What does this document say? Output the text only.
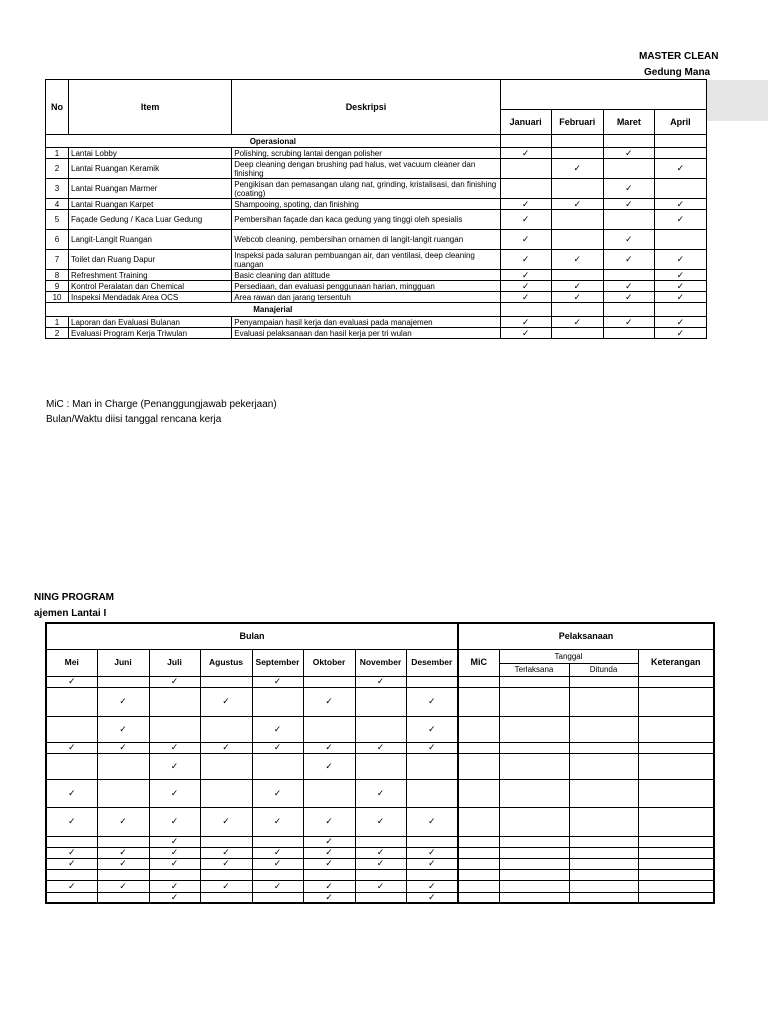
MASTER CLEAN
Gedung Mana
No	Item	Deskripsi				
			Januari	Februari	Maret	April
Operasional						
1	Lantai Lobby	Polishing, scrubing lantai dengan polisher	✓		✓	
2	Lantai Ruangan Keramik	Deep cleaning dengan brushing pad halus, wet vacuum cleaner dan finishing		✓		✓
3	Lantai Ruangan Marmer	Pengikisan dan pemasangan ulang nat, grinding, kristalisasi, dan finishing (coating)			✓	
4	Lantai Ruangan Karpet	Shampooing, spoting, dan finishing	✓	✓	✓	✓
5	Façade Gedung / Kaca Luar Gedung	Pembersihan façade dan kaca gedung yang tinggi oleh spesialis	✓			✓
6	Langit-Langit Ruangan	Webcob cleaning, pembersihan ornamen di langit-langit ruangan	✓		✓	
7	Toilet dan Ruang Dapur	Inspeksi pada saluran pembuangan air, dan ventilasi, deep cleaning ruangan	✓	✓	✓	✓
8	Refreshment Training	Basic cleaning dan atittude	✓			✓
9	Kontrol Peralatan dan Chemical	Persediaan, dan evaluasi penggunaan harian, mingguan	✓	✓	✓	✓
10	Inspeksi Mendadak Area OCS	Area rawan dan jarang tersentuh	✓	✓	✓	✓
Manajerial						
1	Laporan dan Evaluasi Bulanan	Penyampaian hasil kerja dan evaluasi pada manajemen	✓	✓	✓	✓
2	Evaluasi Program Kerja Triwulan	Evaluasi pelaksanaan dan hasil kerja per tri wulan	✓			✓
MiC : Man in Charge (Penanggungjawab pekerjaan)
Bulan/Waktu diisi tanggal rencana kerja
NING PROGRAM
ajemen Lantai I
Bulan								Pelaksanaan			
Mei	Juni	Juli	Agustus	September	Oktober	November	Desember	MiC	Tanggal		Keterangan
									Terlaksana	Ditunda	
✓		✓		✓		✓					
	✓		✓		✓		✓				
	✓			✓			✓				
✓	✓	✓	✓	✓	✓	✓	✓				
		✓			✓						
✓		✓		✓		✓					
✓	✓	✓	✓	✓	✓	✓	✓				
		✓			✓						
✓	✓	✓	✓	✓	✓	✓	✓				
✓	✓	✓	✓	✓	✓	✓	✓				

✓	✓	✓	✓	✓	✓	✓	✓				
		✓			✓		✓				
